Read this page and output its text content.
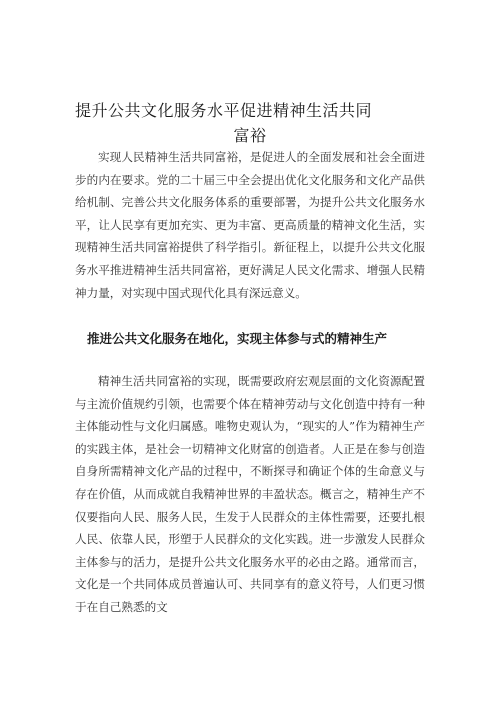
提升公共文化服务水平促进精神生活共同
富裕

实现人民精神生活共同富裕，是促进人的全面发展和社会全面进步的内在要求。党的二十届三中全会提出优化文化服务和文化产品供给机制、完善公共文化服务体系的重要部署，为提升公共文化服务水平，让人民享有更加充实、更为丰富、更高质量的精神文化生活，实现精神生活共同富裕提供了科学指引。新征程上，以提升公共文化服务水平推进精神生活共同富裕，更好满足人民文化需求、增强人民精神力量，对实现中国式现代化具有深远意义。

推进公共文化服务在地化，实现主体参与式的精神生产

精神生活共同富裕的实现，既需要政府宏观层面的文化资源配置与主流价值规约引领，也需要个体在精神劳动与文化创造中持有一种主体能动性与文化归属感。唯物史观认为，“现实的人”作为精神生产的实践主体，是社会一切精神文化财富的创造者。人正是在参与创造自身所需精神文化产品的过程中，不断探寻和确证个体的生命意义与存在价值，从而成就自我精神世界的丰盈状态。概言之，精神生产不仅要指向人民、服务人民，生发于人民群众的主体性需要，还要扎根人民、依靠人民，形塑于人民群众的文化实践。进一步激发人民群众主体参与的活力，是提升公共文化服务水平的必由之路。通常而言，文化是一个共同体成员普遍认可、共同享有的意义符号，人们更习惯于在自己熟悉的文
